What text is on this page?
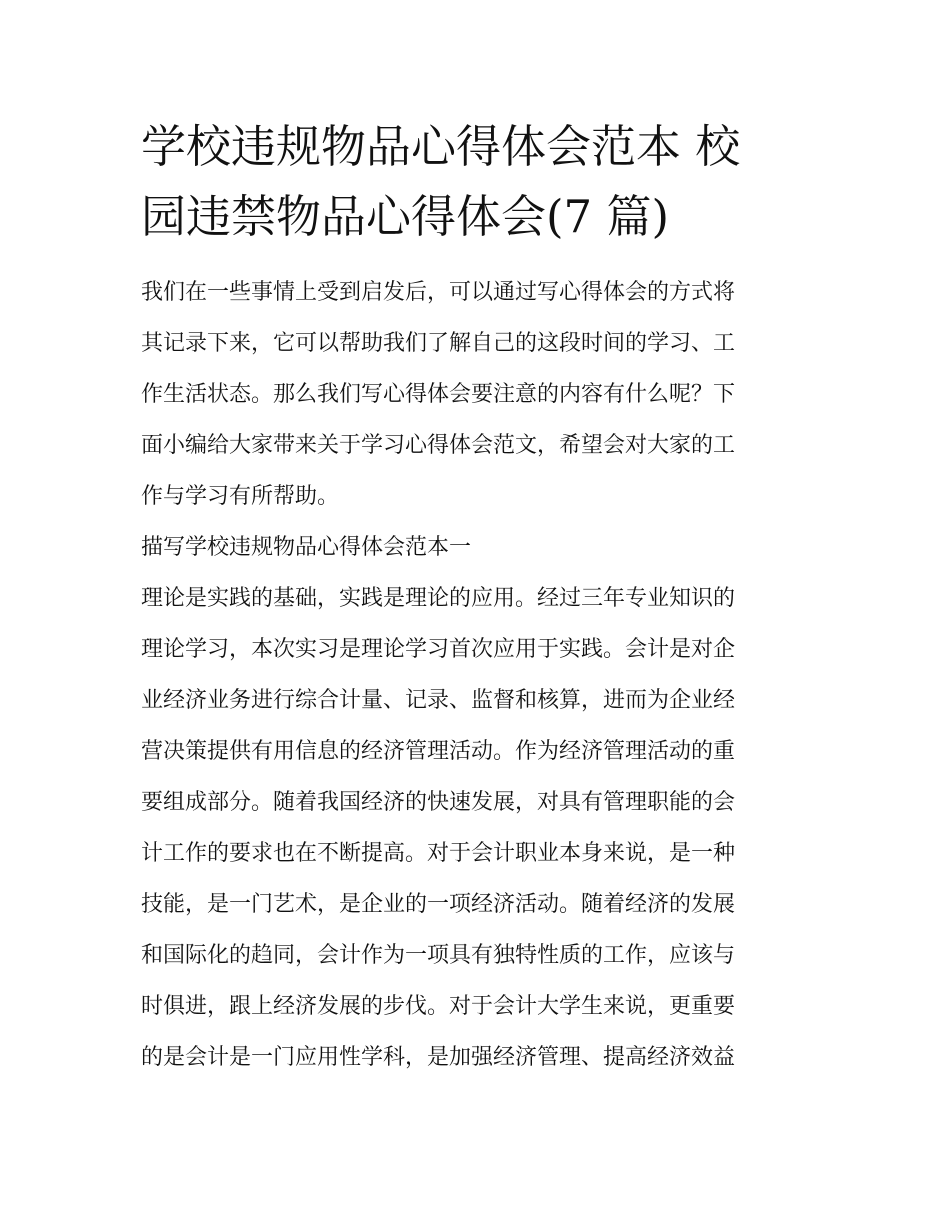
学校违规物品心得体会范本 校
园违禁物品心得体会(7 篇)

我们在一些事情上受到启发后，可以通过写心得体会的方式将
其记录下来，它可以帮助我们了解自己的这段时间的学习、工
作生活状态。那么我们写心得体会要注意的内容有什么呢？下
面小编给大家带来关于学习心得体会范文，希望会对大家的工
作与学习有所帮助。

描写学校违规物品心得体会范本一

理论是实践的基础，实践是理论的应用。经过三年专业知识的
理论学习，本次实习是理论学习首次应用于实践。会计是对企
业经济业务进行综合计量、记录、监督和核算，进而为企业经
营决策提供有用信息的经济管理活动。作为经济管理活动的重
要组成部分。随着我国经济的快速发展，对具有管理职能的会
计工作的要求也在不断提高。对于会计职业本身来说，是一种
技能，是一门艺术，是企业的一项经济活动。随着经济的发展
和国际化的趋同，会计作为一项具有独特性质的工作，应该与
时俱进，跟上经济发展的步伐。对于会计大学生来说，更重要
的是会计是一门应用性学科，是加强经济管理、提高经济效益
